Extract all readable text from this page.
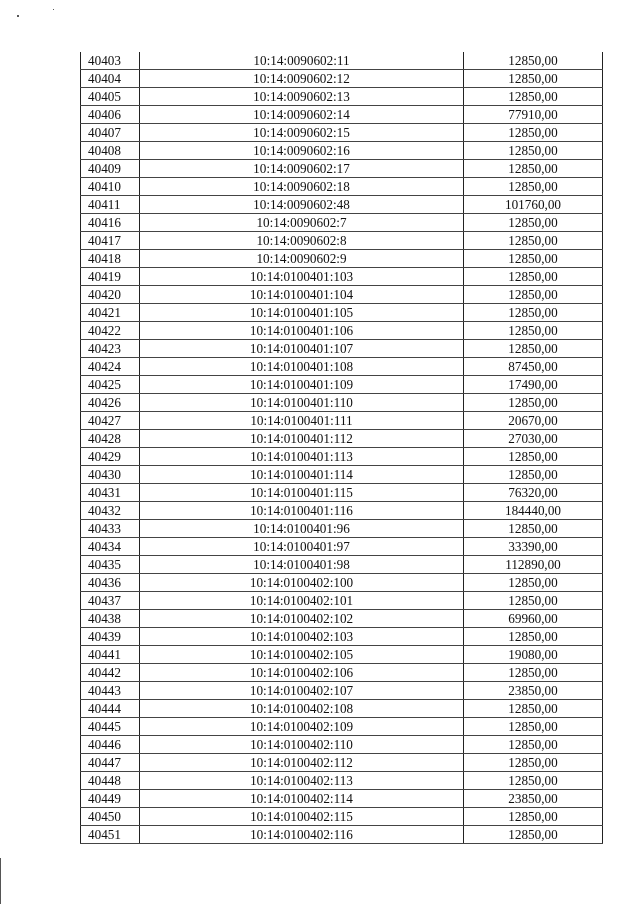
40403	10:14:0090602:11	12850,00
40404	10:14:0090602:12	12850,00
40405	10:14:0090602:13	12850,00
40406	10:14:0090602:14	77910,00
40407	10:14:0090602:15	12850,00
40408	10:14:0090602:16	12850,00
40409	10:14:0090602:17	12850,00
40410	10:14:0090602:18	12850,00
40411	10:14:0090602:48	101760,00
40416	10:14:0090602:7	12850,00
40417	10:14:0090602:8	12850,00
40418	10:14:0090602:9	12850,00
40419	10:14:0100401:103	12850,00
40420	10:14:0100401:104	12850,00
40421	10:14:0100401:105	12850,00
40422	10:14:0100401:106	12850,00
40423	10:14:0100401:107	12850,00
40424	10:14:0100401:108	87450,00
40425	10:14:0100401:109	17490,00
40426	10:14:0100401:110	12850,00
40427	10:14:0100401:111	20670,00
40428	10:14:0100401:112	27030,00
40429	10:14:0100401:113	12850,00
40430	10:14:0100401:114	12850,00
40431	10:14:0100401:115	76320,00
40432	10:14:0100401:116	184440,00
40433	10:14:0100401:96	12850,00
40434	10:14:0100401:97	33390,00
40435	10:14:0100401:98	112890,00
40436	10:14:0100402:100	12850,00
40437	10:14:0100402:101	12850,00
40438	10:14:0100402:102	69960,00
40439	10:14:0100402:103	12850,00
40441	10:14:0100402:105	19080,00
40442	10:14:0100402:106	12850,00
40443	10:14:0100402:107	23850,00
40444	10:14:0100402:108	12850,00
40445	10:14:0100402:109	12850,00
40446	10:14:0100402:110	12850,00
40447	10:14:0100402:112	12850,00
40448	10:14:0100402:113	12850,00
40449	10:14:0100402:114	23850,00
40450	10:14:0100402:115	12850,00
40451	10:14:0100402:116	12850,00
